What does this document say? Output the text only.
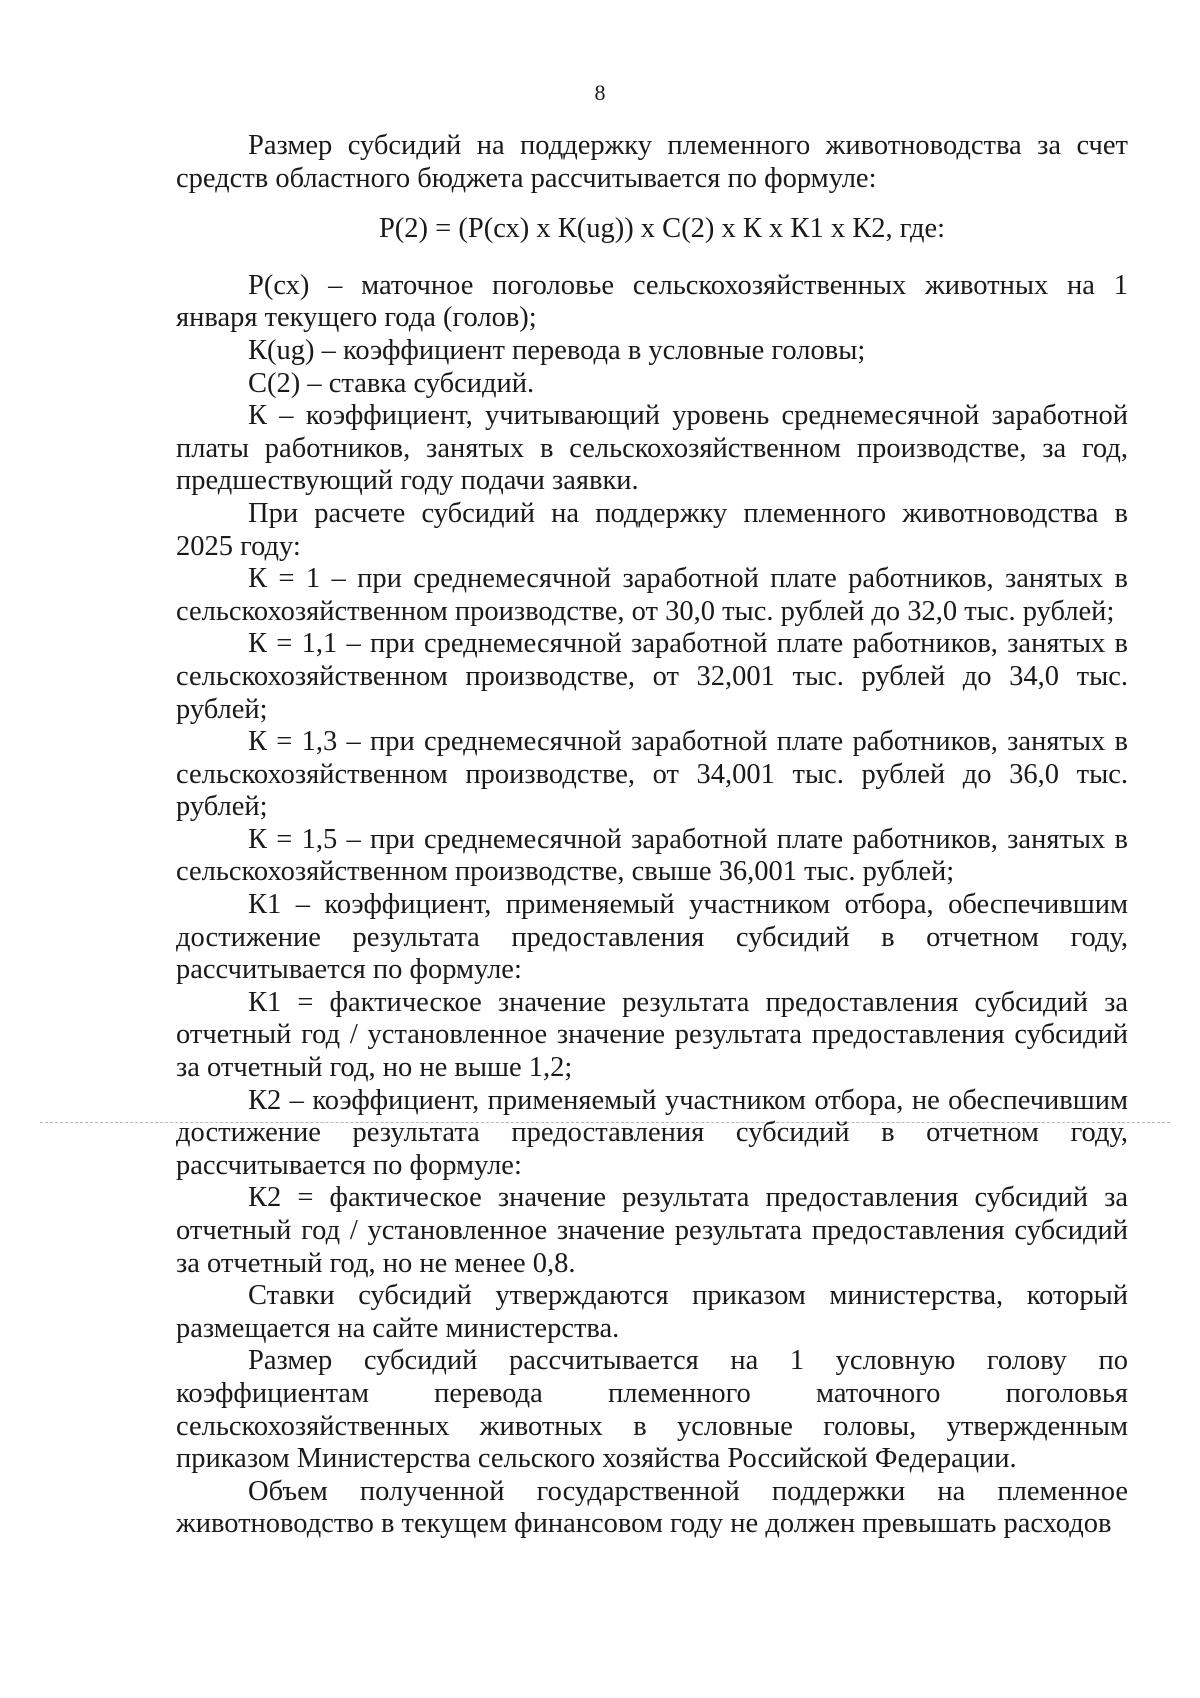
8

Размер субсидий на поддержку племенного животноводства за счет средств областного бюджета рассчитывается по формуле:

Р(2) = (Р(сх) х К(ug)) х С(2) х К х К1 х К2, где:

Р(сх) – маточное поголовье сельскохозяйственных животных на 1 января текущего года (голов);

К(ug) – коэффициент перевода в условные головы;

С(2) – ставка субсидий.

К – коэффициент, учитывающий уровень среднемесячной заработной платы работников, занятых в сельскохозяйственном производстве, за год, предшествующий году подачи заявки.

При расчете субсидий на поддержку племенного животноводства в 2025 году:

К = 1 – при среднемесячной заработной плате работников, занятых в сельскохозяйственном производстве, от 30,0 тыс. рублей до 32,0 тыс. рублей;

К = 1,1 – при среднемесячной заработной плате работников, занятых в сельскохозяйственном производстве, от 32,001 тыс. рублей до 34,0 тыс. рублей;

К = 1,3 – при среднемесячной заработной плате работников, занятых в сельскохозяйственном производстве, от 34,001 тыс. рублей до 36,0 тыс. рублей;

К = 1,5 – при среднемесячной заработной плате работников, занятых в сельскохозяйственном производстве, свыше 36,001 тыс. рублей;

К1 – коэффициент, применяемый участником отбора, обеспечившим достижение результата предоставления субсидий в отчетном году, рассчитывается по формуле:

К1 = фактическое значение результата предоставления субсидий за отчетный год / установленное значение результата предоставления субсидий за отчетный год, но не выше 1,2;

К2 – коэффициент, применяемый участником отбора, не обеспечившим достижение результата предоставления субсидий в отчетном году, рассчитывается по формуле:

К2 = фактическое значение результата предоставления субсидий за отчетный год / установленное значение результата предоставления субсидий за отчетный год, но не менее 0,8.

Ставки субсидий утверждаются приказом министерства, который размещается на сайте министерства.

Размер субсидий рассчитывается на 1 условную голову по коэффициентам перевода племенного маточного поголовья сельскохозяйственных животных в условные головы, утвержденным приказом Министерства сельского хозяйства Российской Федерации.

Объем полученной государственной поддержки на племенное животноводство в текущем финансовом году не должен превышать расходов
